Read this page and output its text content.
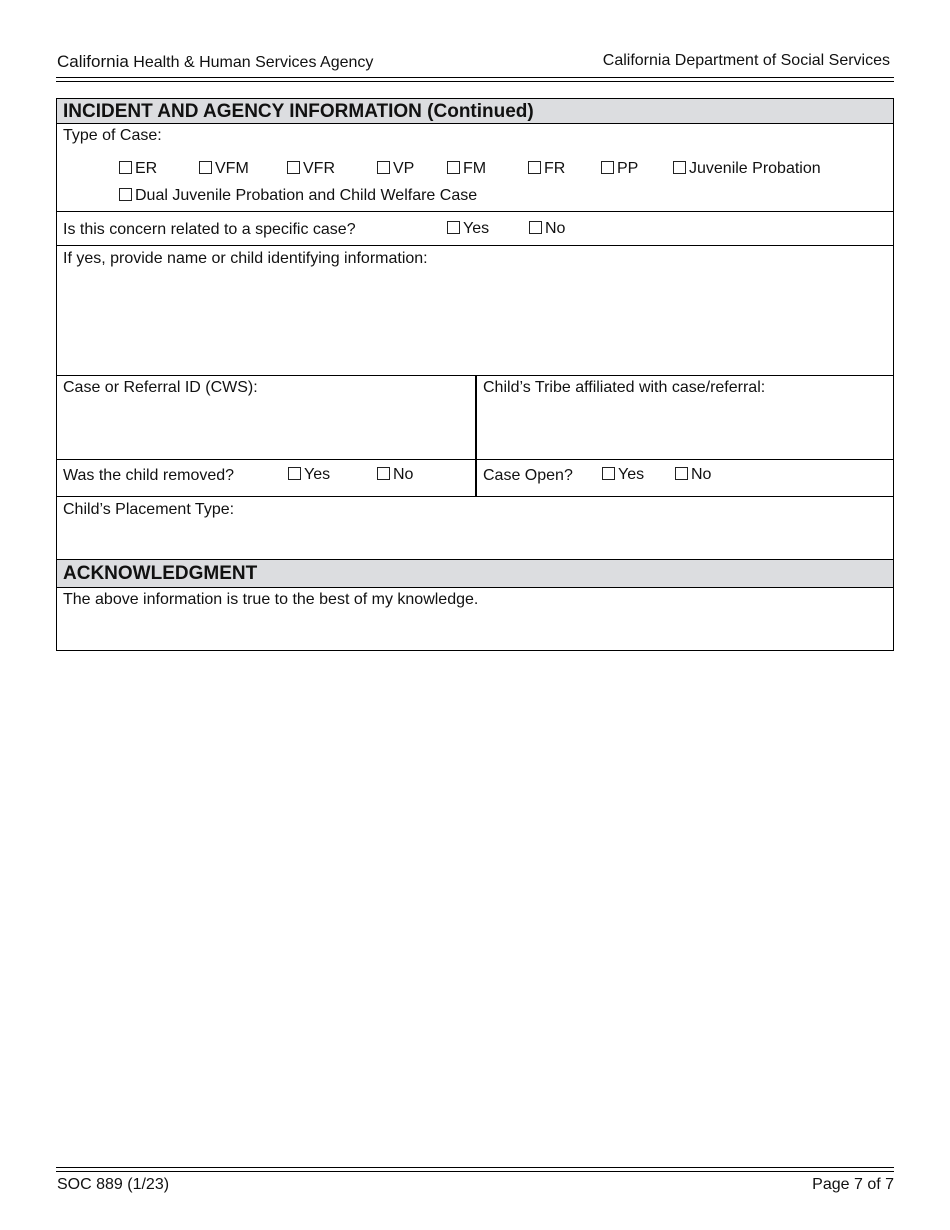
California Health & Human Services Agency	California Department of Social Services
INCIDENT AND AGENCY INFORMATION (Continued)
Type of Case:
ER	VFM	VFR	VP	FM	FR	PP	Juvenile Probation
Dual Juvenile Probation and Child Welfare Case
Is this concern related to a specific case?	Yes	No
If yes, provide name or child identifying information:
Case or Referral ID (CWS):	Child’s Tribe affiliated with case/referral:
Was the child removed?	Yes	No	Case Open?	Yes	No
Child’s Placement Type:
ACKNOWLEDGMENT
The above information is true to the best of my knowledge.
SOC 889 (1/23)	Page 7 of 7
